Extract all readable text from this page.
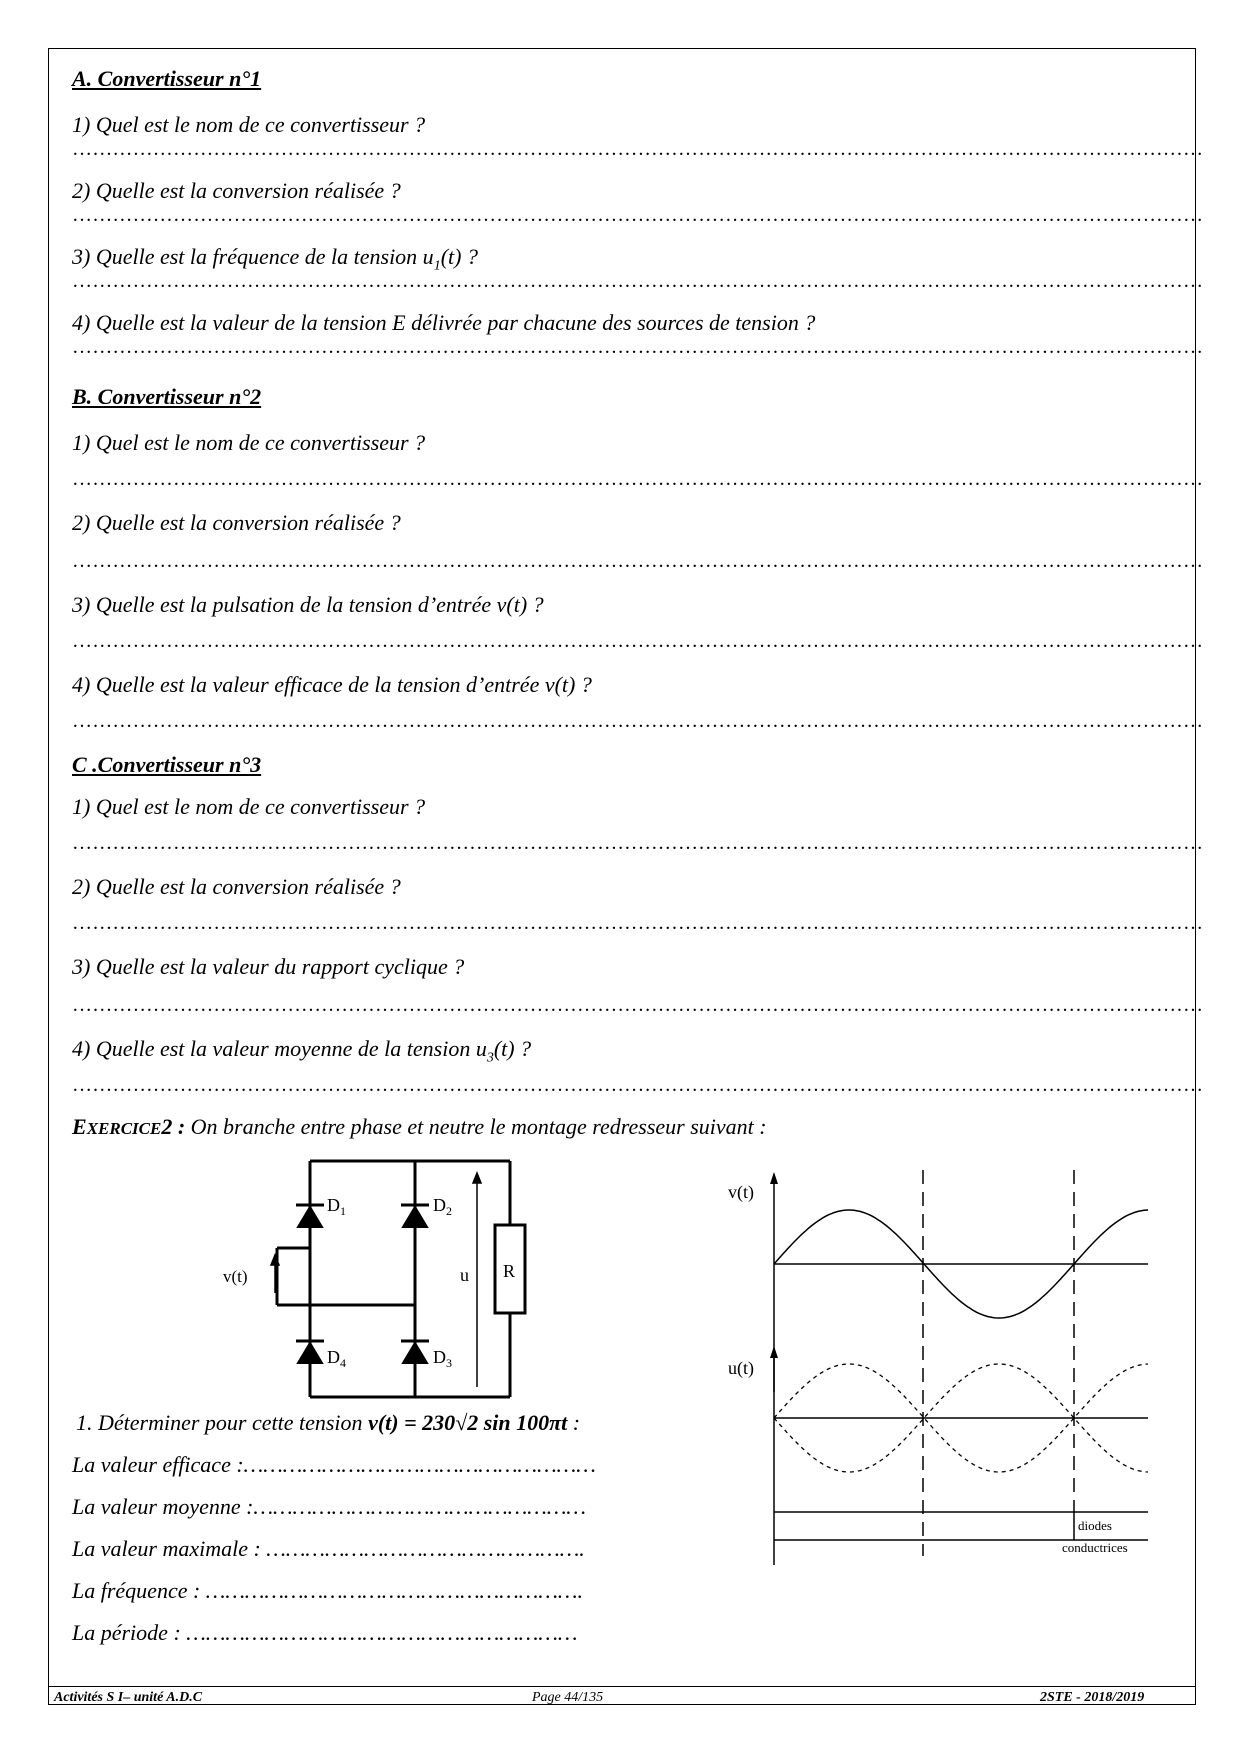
A. Convertisseur n°1
1) Quel est le nom de ce convertisseur ?
……………………………………………………………………………………………………………………………………………………
2) Quelle est la conversion réalisée ?
……………………………………………………………………………………………………………………………………………………
3) Quelle est la fréquence de la tension $u_1(t)$ ?
……………………………………………………………………………………………………………………………………………………
4) Quelle est la valeur de la tension E délivrée par chacune des sources de tension ?
……………………………………………………………………………………………………………………………………………………
B. Convertisseur n°2
1) Quel est le nom de ce convertisseur ?
……………………………………………………………………………………………………………………………………………………
2) Quelle est la conversion réalisée ?
……………………………………………………………………………………………………………………………………………………
3) Quelle est la pulsation de la tension d’entrée v(t) ?
……………………………………………………………………………………………………………………………………………………
4) Quelle est la valeur efficace de la tension d’entrée v(t) ?
……………………………………………………………………………………………………………………………………………………
C .Convertisseur n°3
1) Quel est le nom de ce convertisseur ?
……………………………………………………………………………………………………………………………………………………
2) Quelle est la conversion réalisée ?
……………………………………………………………………………………………………………………………………………………
3) Quelle est la valeur du rapport cyclique ?
……………………………………………………………………………………………………………………………………………………
4) Quelle est la valeur moyenne de la tension $u_3(t)$ ?
……………………………………………………………………………………………………………………………………………………
EXERCICE2 : On branche entre phase et neutre le montage redresseur suivant :
$D_1$	$D_2$
$D_4$	$D_3$
v(t)	u R
v(t)
u(t)
diodes
conductrices
1. Déterminer pour cette tension v(t) = 230√2 sin 100πt :
La valeur efficace :………………………………………………
La valeur moyenne :……………………………………………
La valeur maximale : ………………………………………….
La fréquence : ………………………………………………….
La période : ……………………………………………………
Activités S I– unité A.D.C	Page 44/135	2STE - 2018/2019
